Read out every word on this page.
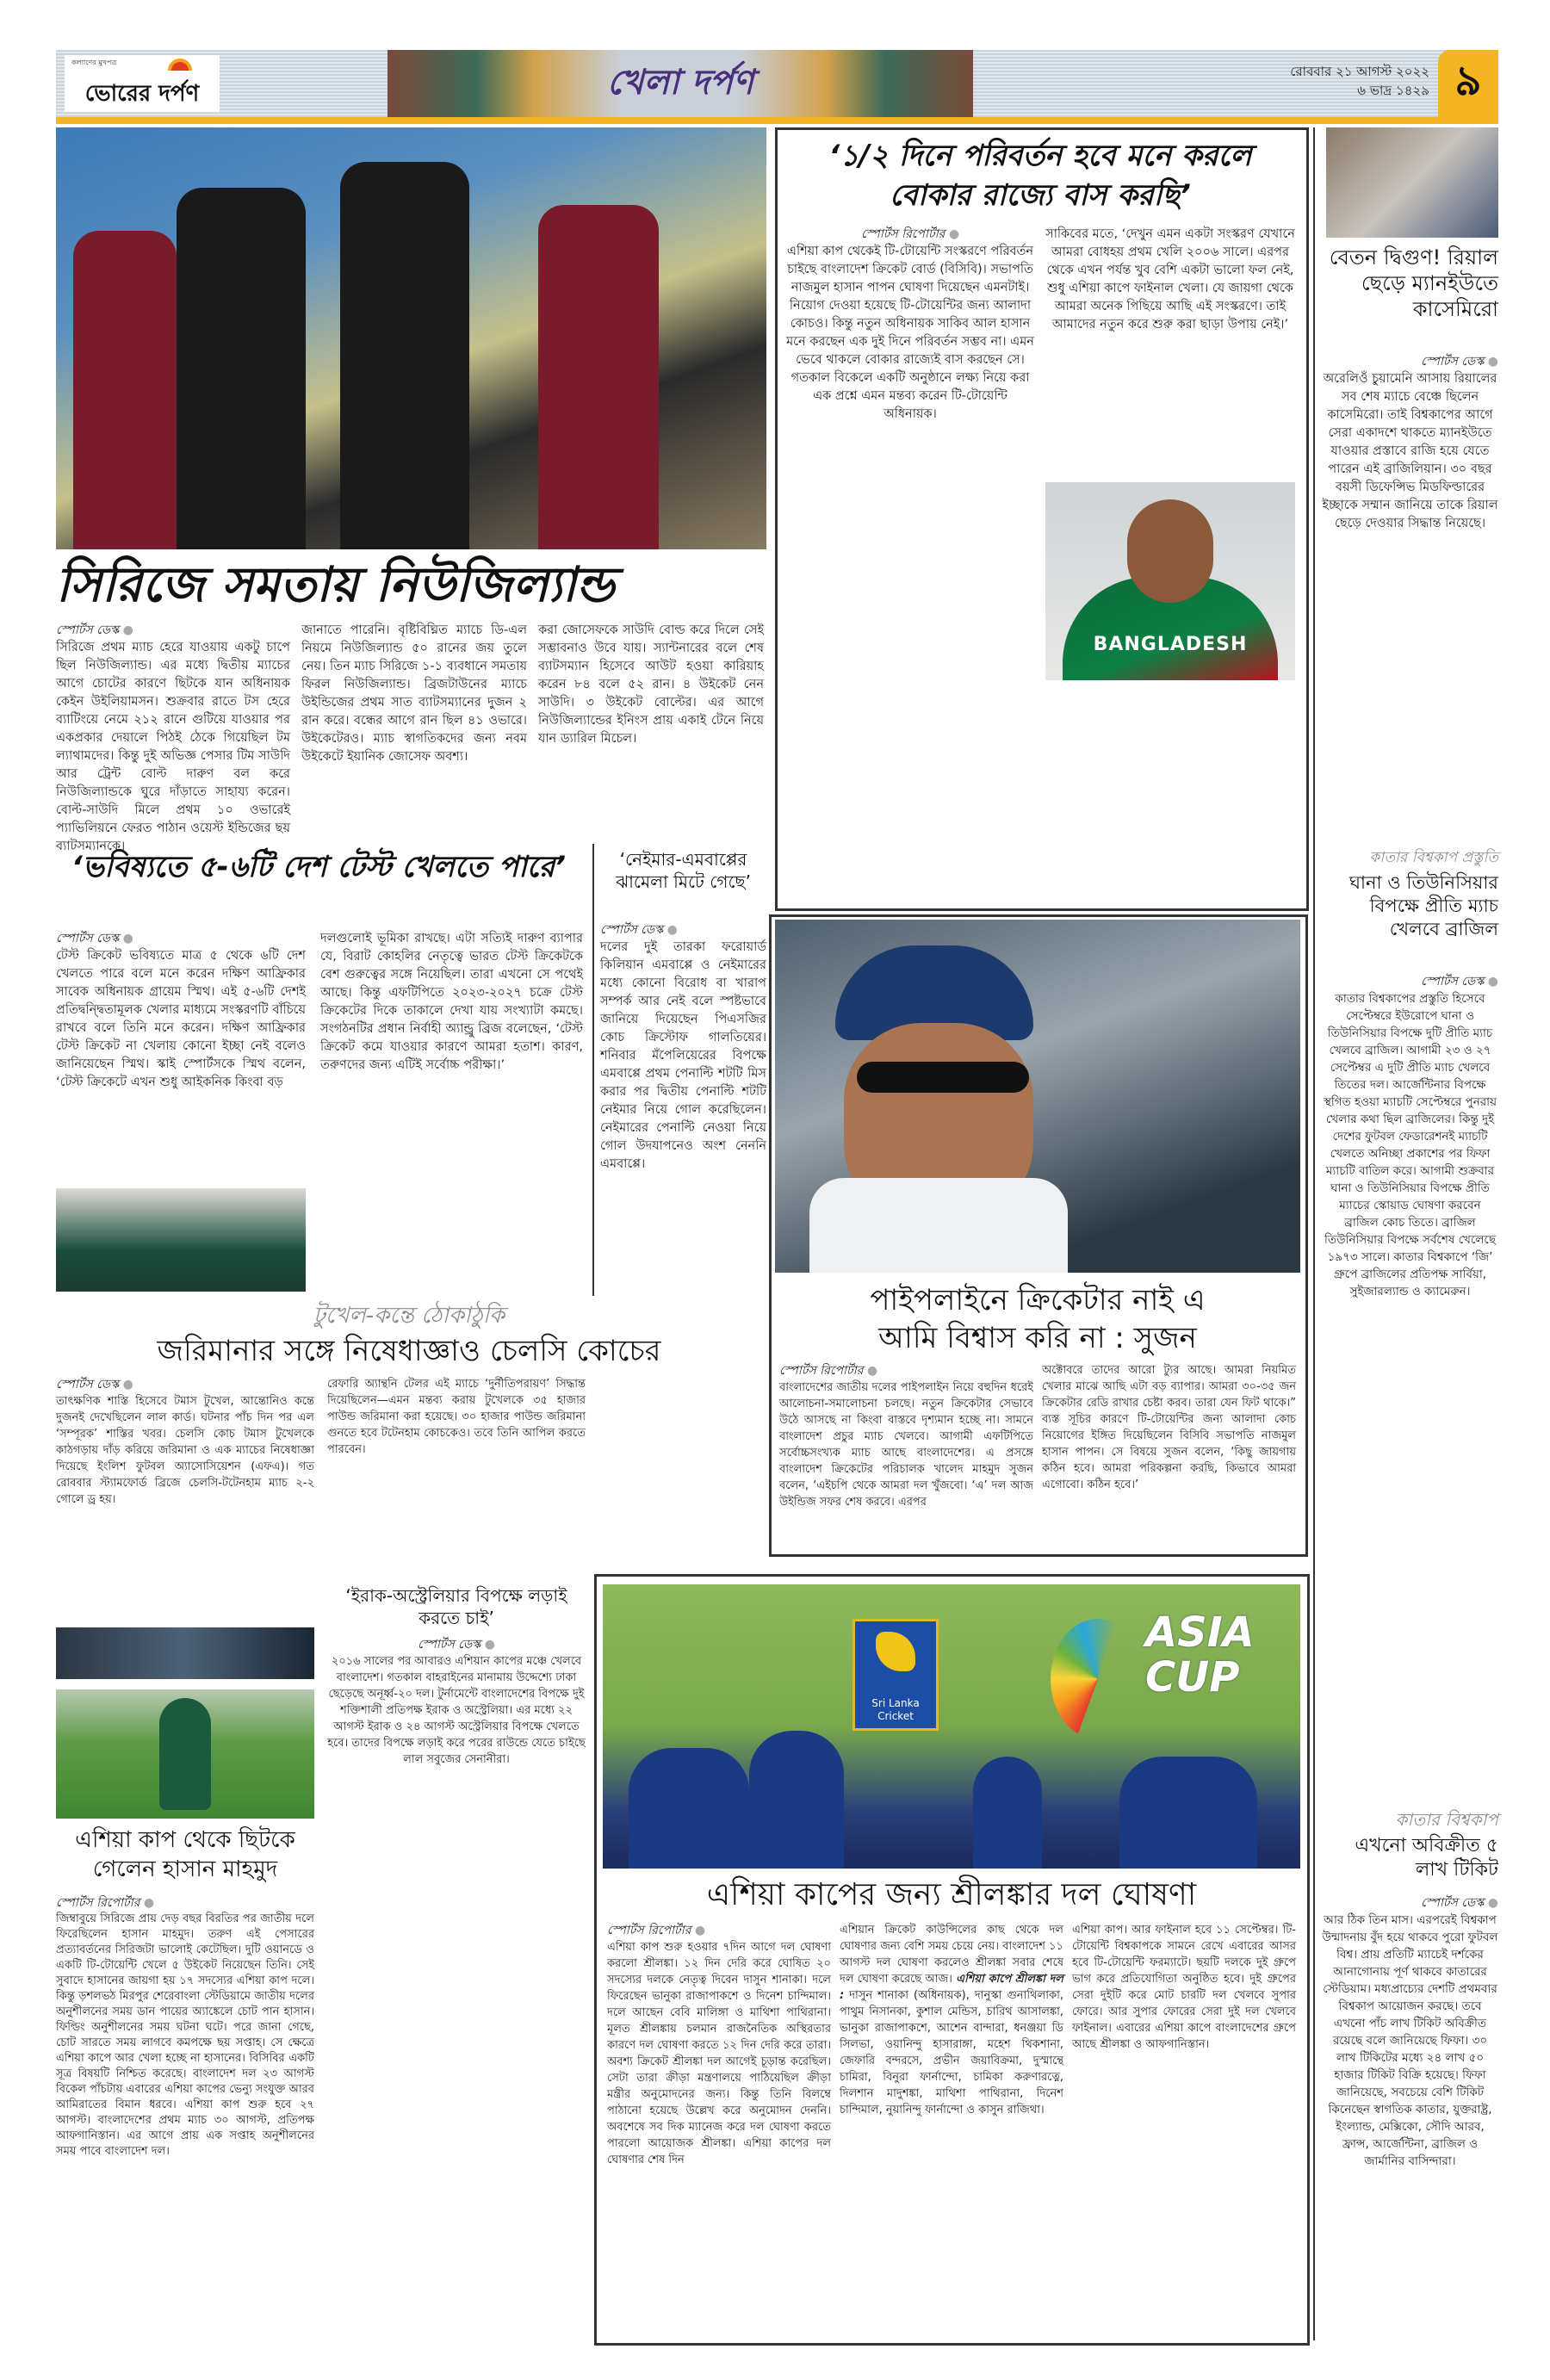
কল্যাণের মুখপত্র
ভোরের দর্পণ	খেলা দর্পণ	রোববার ২১ আগস্ট ২০২২
৬ ভাদ্র ১৪২৯ ৯
সিরিজে সমতায় নিউজিল্যান্ড
স্পোর্টস ডেস্ক ●
সিরিজে প্রথম ম্যাচ হেরে যাওয়ায় একটু চাপে ছিল নিউজিল্যান্ড। এর মধ্যে দ্বিতীয় ম্যাচের আগে চোটের কারণে ছিটকে যান অধিনায়ক কেইন উইলিয়ামসন। শুক্রবার রাতে টস হেরে ব্যাটিংয়ে নেমে ২১২ রানে গুটিয়ে যাওয়ার পর একপ্রকার দেয়ালে পিঠই ঠেকে গিয়েছিল টম ল্যাথামদের। কিন্তু দুই অভিজ্ঞ পেসার টিম সাউদি আর ট্রেন্ট বোল্ট দারুণ বল করে নিউজিল্যান্ডকে ঘুরে দাঁড়াতে সাহায্য করেন। বোল্ট-সাউদি মিলে প্রথম ১০ ওভারেই প্যাভিলিয়নে ফেরত পাঠান ওয়েস্ট ইন্ডিজের ছয় ব্যাটসম্যানকে।
জানাতে পারেনি। বৃষ্টিবিঘ্নিত ম্যাচে ডি-এল নিয়মে নিউজিল্যান্ড ৫০ রানের জয় তুলে নেয়। তিন ম্যাচ সিরিজে ১-১ ব্যবধানে সমতায় ফিরল নিউজিল্যান্ড। ব্রিজটাউনের ম্যাচে উইন্ডিজের প্রথম সাত ব্যাটসম্যানের দুজন ২ রান করে। বন্ধের আগে রান ছিল ৪১ ওভারে। উইকেটেরও। ম্যাচ স্বাগতিকদের জন্য নবম উইকেটে ইয়ানিক জোসেফ অবশ্য।
করা জোসেফকে সাউদি বোল্ড করে দিলে সেই সম্ভাবনাও উবে যায়। স্যান্টনারের বলে শেষ ব্যাটসম্যান হিসেবে আউট হওয়া কারিয়াহ করেন ৮৪ বলে ৫২ রান। ৪ উইকেট নেন সাউদি। ৩ উইকেট বোল্টের। এর আগে নিউজিল্যান্ডের ইনিংস প্রায় একাই টেনে নিয়ে যান ড্যারিল মিচেল।
‘১/২ দিনে পরিবর্তন হবে মনে করলে
বোকার রাজ্যে বাস করছি’
স্পোর্টস রিপোর্টার ●
এশিয়া কাপ থেকেই টি-টোয়েন্টি সংস্করণে পরিবর্তন চাইছে বাংলাদেশ ক্রিকেট বোর্ড (বিসিবি)। সভাপতি নাজমুল হাসান পাপন ঘোষণা দিয়েছেন এমনটাই। নিয়োগ দেওয়া হয়েছে টি-টোয়েন্টির জন্য আলাদা কোচও। কিন্তু নতুন অধিনায়ক সাকিব আল হাসান মনে করছেন এক দুই দিনে পরিবর্তন সম্ভব না। এমন ভেবে থাকলে বোকার রাজ্যেই বাস করছেন সে। গতকাল বিকেলে একটি অনুষ্ঠানে লক্ষ্য নিয়ে করা এক প্রশ্নে এমন মন্তব্য করেন টি-টোয়েন্টি অধিনায়ক।
সাকিবের মতে, ‘দেখুন এমন একটা সংস্করণ যেখানে আমরা বোধহয় প্রথম খেলি ২০০৬ সালে। এরপর থেকে এখন পর্যন্ত খুব বেশি একটা ভালো ফল নেই, শুধু এশিয়া কাপে ফাইনাল খেলা। যে জায়গা থেকে আমরা অনেক পিছিয়ে আছি এই সংস্করণে। তাই আমাদের নতুন করে শুরু করা ছাড়া উপায় নেই।’
BANGLADESH
বেতন দ্বিগুণ! রিয়াল ছেড়ে ম্যানইউতে কাসেমিরো
স্পোর্টস ডেস্ক ●
অরেলিওঁ চুয়ামেনি আসায় রিয়ালের সব শেষ ম্যাচে বেঞ্চে ছিলেন কাসেমিরো। তাই বিশ্বকাপের আগে সেরা একাদশে থাকতে ম্যানইউতে যাওয়ার প্রস্তাবে রাজি হয়ে যেতে পারেন এই ব্রাজিলিয়ান। ৩০ বছর বয়সী ডিফেন্সিভ মিডফিল্ডারের ইচ্ছাকে সম্মান জানিয়ে তাকে রিয়াল ছেড়ে দেওয়ার সিদ্ধান্ত নিয়েছে।
‘ভবিষ্যতে ৫-৬টি দেশ টেস্ট খেলতে পারে’
স্পোর্টস ডেস্ক ●
টেস্ট ক্রিকেট ভবিষ্যতে মাত্র ৫ থেকে ৬টি দেশ খেলতে পারে বলে মনে করেন দক্ষিণ আফ্রিকার সাবেক অধিনায়ক গ্রায়েম স্মিথ। এই ৫-৬টি দেশই প্রতিদ্বন্দ্বিতামূলক খেলার মাধ্যমে সংস্করণটি বাঁচিয়ে রাখবে বলে তিনি মনে করেন। দক্ষিণ আফ্রিকার টেস্ট ক্রিকেট না খেলায় কোনো ইচ্ছা নেই বলেও জানিয়েছেন স্মিথ। স্কাই স্পোর্টসকে স্মিথ বলেন, ‘টেস্ট ক্রিকেটে এখন শুধু আইকনিক কিংবা বড়
দলগুলোই ভূমিকা রাখছে। এটা সত্যিই দারুণ ব্যাপার যে, বিরাট কোহলির নেতৃত্বে ভারত টেস্ট ক্রিকেটকে বেশ গুরুত্বের সঙ্গে নিয়েছিল। তারা এখনো সে পথেই আছে। কিন্তু এফটিপিতে ২০২৩-২০২৭ চক্রে টেস্ট ক্রিকেটের দিকে তাকালে দেখা যায় সংখ্যাটা কমছে। সংগঠনটির প্রধান নির্বাহী অ্যান্ড্রু ব্রিজ বলেছেন, ‘টেস্ট ক্রিকেট কমে যাওয়ার কারণে আমরা হতাশ। কারণ, তরুণদের জন্য এটিই সর্বোচ্চ পরীক্ষা।’
‘নেইমার-এমবাপ্পের ঝামেলা মিটে গেছে’
স্পোর্টস ডেস্ক ●
দলের দুই তারকা ফরোয়ার্ড কিলিয়ান এমবাপ্পে ও নেইমারের মধ্যে কোনো বিরোধ বা খারাপ সম্পর্ক আর নেই বলে স্পষ্টভাবে জানিয়ে দিয়েছেন পিএসজির কোচ ক্রিস্টোফ গালতিয়ের। শনিবার মঁপেলিয়েরের বিপক্ষে এমবাপ্পে প্রথম পেনাল্টি শটটি মিস করার পর দ্বিতীয় পেনাল্টি শটটি নেইমার নিয়ে গোল করেছিলেন। নেইমারের পেনাল্টি নেওয়া নিয়ে গোল উদযাপনেও অংশ নেননি এমবাপ্পে।
পাইপলাইনে ক্রিকেটার নাই এ
আমি বিশ্বাস করি না : সুজন
স্পোর্টস রিপোর্টার ●
বাংলাদেশের জাতীয় দলের পাইপলাইন নিয়ে বহুদিন ধরেই আলোচনা-সমালোচনা চলছে। নতুন ক্রিকেটার সেভাবে উঠে আসছে না কিংবা বাস্তবে দৃশ্যমান হচ্ছে না। সামনে বাংলাদেশ প্রচুর ম্যাচ খেলবে। আগামী এফটিপিতে সর্বোচ্চসংখ্যক ম্যাচ আছে বাংলাদেশের। এ প্রসঙ্গে বাংলাদেশ ক্রিকেটের পরিচালক খালেদ মাহমুদ সুজন বলেন, ‘এইচপি থেকে আমরা দল খুঁজবো। ‘এ’ দল আজ উইন্ডিজ সফর শেষ করবে। এরপর
অক্টোবরে তাদের আরো ট্যুর আছে। আমরা নিয়মিত খেলার মাঝে আছি এটা বড় ব্যাপার। আমরা ৩০-৩৫ জন ক্রিকেটার রেডি রাখার চেষ্টা করব। তারা যেন ফিট থাকে।” ব্যস্ত সূচির কারণে টি-টোয়েন্টির জন্য আলাদা কোচ নিয়োগের ইঙ্গিত দিয়েছিলেন বিসিবি সভাপতি নাজমুল হাসান পাপন। সে বিষয়ে সুজন বলেন, ‘কিছু জায়গায় কঠিন হবে। আমরা পরিকল্পনা করছি, কিভাবে আমরা এগোবো। কঠিন হবে।’
টুখেল-কন্তে ঠোকাঠুকি
জরিমানার সঙ্গে নিষেধাজ্ঞাও চেলসি কোচের
স্পোর্টস ডেস্ক ●
তাৎক্ষণিক শাস্তি হিসেবে টমাস টুখেল, আন্তোনিও কন্তে দুজনই দেখেছিলেন লাল কার্ড। ঘটনার পাঁচ দিন পর এল ‘সম্পূরক’ শাস্তির খবর। চেলসি কোচ টমাস টুখেলকে কাঠগড়ায় দাঁড় করিয়ে জরিমানা ও এক ম্যাচের নিষেধাজ্ঞা দিয়েছে ইংলিশ ফুটবল অ্যাসোসিয়েশন (এফএ)। গত রোববার স্ট্যামফোর্ড ব্রিজে চেলসি-টটেনহাম ম্যাচ ২-২ গোলে ড্র হয়।
রেফারি অ্যান্থনি টেলর এই ম্যাচে ‘দুর্নীতিপরায়ণ’ সিদ্ধান্ত দিয়েছিলেন—এমন মন্তব্য করায় টুখেলকে ৩৫ হাজার পাউন্ড জরিমানা করা হয়েছে। ৩০ হাজার পাউন্ড জরিমানা গুনতে হবে টটেনহাম কোচকেও। তবে তিনি আপিল করতে পারবেন।
এশিয়া কাপ থেকে ছিটকে গেলেন হাসান মাহমুদ
স্পোর্টস রিপোর্টার ●
জিম্বাবুয়ে সিরিজে প্রায় দেড় বছর বিরতির পর জাতীয় দলে ফিরেছিলেন হাসান মাহমুদ। তরুণ এই পেসারের প্রত্যাবর্তনের সিরিজটা ভালোই কেটেছিল। দুটি ওয়ানডে ও একটি টি-টোয়েন্টি খেলে ৫ উইকেট নিয়েছেন তিনি। সেই সুবাদে হাসানের জায়গা হয় ১৭ সদস্যের এশিয়া কাপ দলে। কিন্তু ড়শলভঠ মিরপুর শেরেবাংলা স্টেডিয়ামে জাতীয় দলের অনুশীলনের সময় ডান পায়ের অ্যাঙ্কেলে চোট পান হাসান। ফিল্ডিং অনুশীলনের সময় ঘটনা ঘটে। পরে জানা গেছে, চোট সারতে সময় লাগবে কমপক্ষে ছয় সপ্তাহ। সে ক্ষেত্রে এশিয়া কাপে আর খেলা হচ্ছে না হাসানের। বিসিবির একটি সূত্র বিষয়টি নিশ্চিত করেছে। বাংলাদেশ দল ২৩ আগস্ট বিকেল পাঁচটায় এবারের এশিয়া কাপের ভেন্যু সংযুক্ত আরব আমিরাতের বিমান ধরবে। এশিয়া কাপ শুরু হবে ২৭ আগস্ট। বাংলাদেশের প্রথম ম্যাচ ৩০ আগস্ট, প্রতিপক্ষ আফগানিস্তান। এর আগে প্রায় এক সপ্তাহ অনুশীলনের সময় পাবে বাংলাদেশ দল।
‘ইরাক-অস্ট্রেলিয়ার বিপক্ষে লড়াই করতে চাই’
স্পোর্টস ডেস্ক ●
২০১৬ সালের পর আবারও এশিয়ান কাপের মঞ্চে খেলবে বাংলাদেশ। গতকাল বাহরাইনের মানামায় উদ্দেশ্যে ঢাকা ছেড়েছে অনূর্ধ্ব-২০ দল। টুর্নামেন্টে বাংলাদেশের বিপক্ষে দুই শক্তিশালী প্রতিপক্ষ ইরাক ও অস্ট্রেলিয়া। এর মধ্যে ২২ আগস্ট ইরাক ও ২৪ আগস্ট অস্ট্রেলিয়ার বিপক্ষে খেলতে হবে। তাদের বিপক্ষে লড়াই করে পরের রাউন্ডে যেতে চাইছে লাল সবুজের সেনানীরা।
Sri Lanka Cricket
ASIA CUP
এশিয়া কাপের জন্য শ্রীলঙ্কার দল ঘোষণা
স্পোর্টস রিপোর্টার ●
এশিয়া কাপ শুরু হওয়ার ৭দিন আগে দল ঘোষণা করলো শ্রীলঙ্কা। ১২ দিন দেরি করে ঘোষিত ২০ সদস্যের দলকে নেতৃত্ব দিবেন দাসুন শানাকা। দলে ফিরেছেন ভানুকা রাজাপাকশে ও দিনেশ চান্দিমাল। দলে আছেন বেবি মালিঙ্গা ও মাথিশা পাথিরানা। মূলত শ্রীলঙ্কায় চলমান রাজনৈতিক অস্থিরতার কারণে দল ঘোষণা করতে ১২ দিন দেরি করে তারা। অবশ্য ক্রিকেট শ্রীলঙ্কা দল আগেই চূড়ান্ত করেছিল। সেটা তারা ক্রীড়া মন্ত্রণালয়ে পাঠিয়েছিল ক্রীড়া মন্ত্রীর অনুমোদনের জন্য। কিন্তু তিনি বিলম্বে পাঠানো হয়েছে উল্লেখ করে অনুমোদন দেননি। অবশেষে সব দিক ম্যানেজ করে দল ঘোষণা করতে পারলো আয়োজক শ্রীলঙ্কা। এশিয়া কাপের দল ঘোষণার শেষ দিন
এশিয়ান ক্রিকেট কাউন্সিলের কাছ থেকে দল ঘোষণার জন্য বেশি সময় চেয়ে নেয়। বাংলাদেশ ১১ আগস্ট দল ঘোষণা করলেও শ্রীলঙ্কা সবার শেষে দল ঘোষণা করেছে আজ। এশিয়া কাপে শ্রীলঙ্কা দল : দাসুন শানাকা (অধিনায়ক), দানুস্কা গুনাথিলাকা, পাথুম নিসানকা, কুশাল মেন্ডিস, চারিথ আসালঙ্কা, ভানুকা রাজাপাকশে, আশেন বান্দারা, ধনঞ্জয়া ডি সিলভা, ওয়ানিন্দু হাসারাঙ্গা, মহেশ থিকশানা, জেফারি বন্দরসে, প্রভীন জয়াবিক্রমা, দুস্মান্থে চামিরা, বিনুরা ফার্নান্দো, চামিকা করুণারত্নে, দিলশান মাদুশঙ্কা, মাথিশা পাথিরানা, দিনেশ চান্দিমাল, নুয়ানিন্দু ফার্নান্দো ও কাসুন রাজিথা।
এশিয়া কাপ। আর ফাইনাল হবে ১১ সেপ্টেম্বর। টি-টোয়েন্টি বিশ্বকাপকে সামনে রেখে এবারের আসর হবে টি-টোয়েন্টি ফরম্যাটে। ছয়টি দলকে দুই গ্রুপে ভাগ করে প্রতিযোগিতা অনুষ্ঠিত হবে। দুই গ্রুপের সেরা দুইটি করে মোট চারটি দল খেলবে সুপার ফোরে। আর সুপার ফোরের সেরা দুই দল খেলবে ফাইনাল। এবারের এশিয়া কাপে বাংলাদেশের গ্রুপে আছে শ্রীলঙ্কা ও আফগানিস্তান।
কাতার বিশ্বকাপ প্রস্তুতি
ঘানা ও তিউনিসিয়ার বিপক্ষে প্রীতি ম্যাচ খেলবে ব্রাজিল
স্পোর্টস ডেস্ক ●
কাতার বিশ্বকাপের প্রস্তুতি হিসেবে সেপ্টেম্বরে ইউরোপে ঘানা ও তিউনিসিয়ার বিপক্ষে দুটি প্রীতি ম্যাচ খেলবে ব্রাজিল। আগামী ২৩ ও ২৭ সেপ্টেম্বর এ দুটি প্রীতি ম্যাচ খেলবে তিতের দল। আর্জেন্টিনার বিপক্ষে স্থগিত হওয়া ম্যাচটি সেপ্টেম্বরে পুনরায় খেলার কথা ছিল ব্রাজিলের। কিন্তু দুই দেশের ফুটবল ফেডারেশনই ম্যাচটি খেলতে অনিচ্ছা প্রকাশের পর ফিফা ম্যাচটি বাতিল করে। আগামী শুক্রবার ঘানা ও তিউনিসিয়ার বিপক্ষে প্রীতি ম্যাচের স্কোয়াড ঘোষণা করবেন ব্রাজিল কোচ তিতে। ব্রাজিল তিউনিসিয়ার বিপক্ষে সর্বশেষ খেলেছে ১৯৭৩ সালে। কাতার বিশ্বকাপে ‘জি’ গ্রুপে ব্রাজিলের প্রতিপক্ষ সার্বিয়া, সুইজারল্যান্ড ও ক্যামেরুন।
কাতার বিশ্বকাপ
এখনো অবিক্রীত ৫ লাখ টিকিট
স্পোর্টস ডেস্ক ●
আর ঠিক তিন মাস। এরপরেই বিশ্বকাপ উন্মাদনায় বুঁদ হয়ে থাকবে পুরো ফুটবল বিশ্ব। প্রায় প্রতিটি ম্যাচেই দর্শকের আনাগোনায় পূর্ণ থাকবে কাতারের স্টেডিয়াম। মধ্যপ্রাচ্যের দেশটি প্রথমবার বিশ্বকাপ আয়োজন করছে। তবে এখনো পাঁচ লাখ টিকিট অবিক্রীত রয়েছে বলে জানিয়েছে ফিফা। ৩০ লাখ টিকিটের মধ্যে ২৪ লাখ ৫০ হাজার টিকিট বিক্রি হয়েছে। ফিফা জানিয়েছে, সবচেয়ে বেশি টিকিট কিনেছেন স্বাগতিক কাতার, যুক্তরাষ্ট্র, ইংল্যান্ড, মেক্সিকো, সৌদি আরব, ফ্রান্স, আর্জেন্টিনা, ব্রাজিল ও জার্মানির বাসিন্দারা।
